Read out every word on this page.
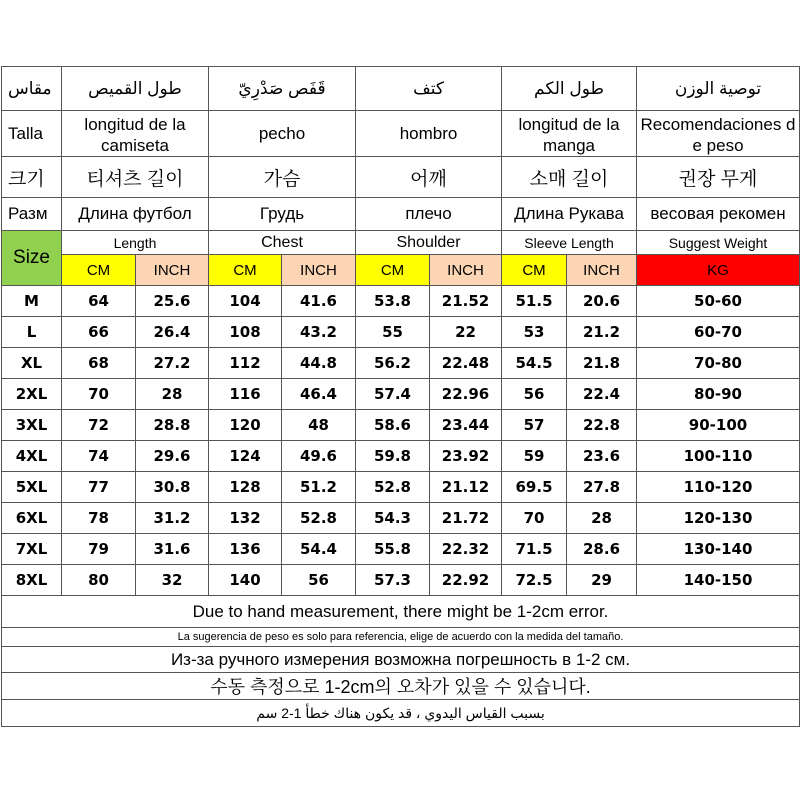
مقاس	طول القميص		قَفَص صَدْرِيّ		كتف		طول الكم		توصية الوزن
Talla	longitud de la camiseta		pecho		hombro		longitud de la manga		Recomendaciones de peso
크기	티셔츠 길이		가슴		어깨		소매 길이		권장 무게
Разм	Длина футбол		Грудь		плечо		Длина Рукава		весовая рекомен
Size	Length		Chest		Shoulder		Sleeve Length		Suggest Weight
	CM	INCH	CM	INCH	CM	INCH	CM	INCH	KG
M	64	25.6	104	41.6	53.8	21.52	51.5	20.6	50-60
L	66	26.4	108	43.2	55	22	53	21.2	60-70
XL	68	27.2	112	44.8	56.2	22.48	54.5	21.8	70-80
2XL	70	28	116	46.4	57.4	22.96	56	22.4	80-90
3XL	72	28.8	120	48	58.6	23.44	57	22.8	90-100
4XL	74	29.6	124	49.6	59.8	23.92	59	23.6	100-110
5XL	77	30.8	128	51.2	52.8	21.12	69.5	27.8	110-120
6XL	78	31.2	132	52.8	54.3	21.72	70	28	120-130
7XL	79	31.6	136	54.4	55.8	22.32	71.5	28.6	130-140
8XL	80	32	140	56	57.3	22.92	72.5	29	140-150
Due to hand measurement, there might be 1-2cm error.									
La sugerencia de peso es solo para referencia, elige de acuerdo con la medida del tamaño.									
Из-за ручного измерения возможна погрешность в 1-2 см.									
수동 측정으로 1-2cm의 오차가 있을 수 있습니다.									
بسبب القياس اليدوي ، قد يكون هناك خطأ 1-2 سم									
